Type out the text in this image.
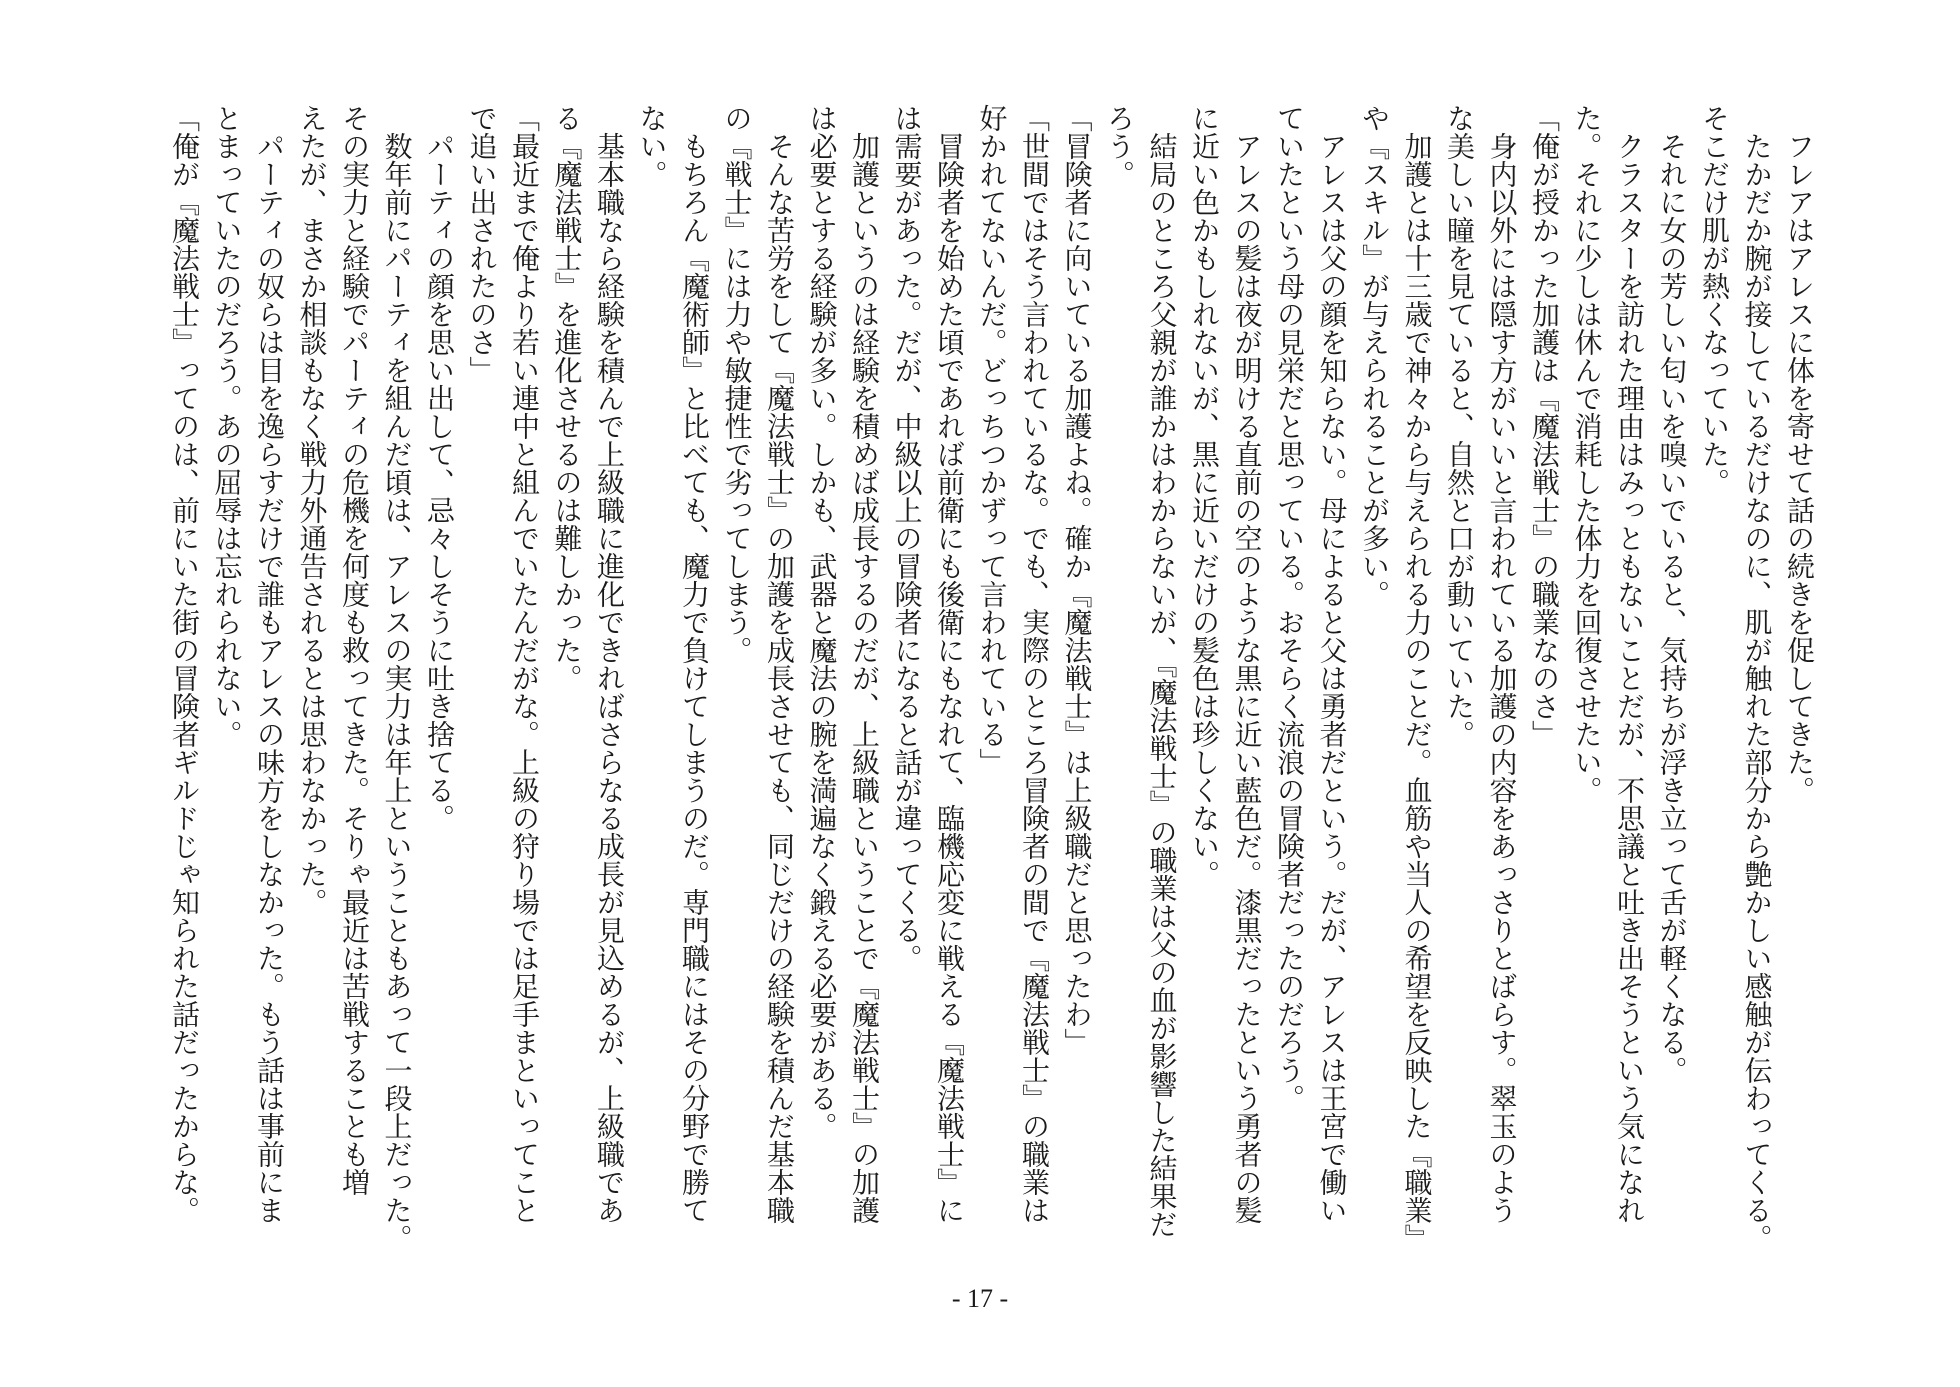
　フレアはアレスに体を寄せて話の続きを促してきた。
　たかだか腕が接しているだけなのに、肌が触れた部分から艶かしい感触が伝わってくる。
そこだけ肌が熱くなっていた。
　それに女の芳しい匂いを嗅いでいると、気持ちが浮き立って舌が軽くなる。
　クラスターを訪れた理由はみっともないことだが、不思議と吐き出そうという気になれ
た。それに少しは休んで消耗した体力を回復させたい。
「俺が授かった加護は『魔法戦士』の職業なのさ」
　身内以外には隠す方がいいと言われている加護の内容をあっさりとばらす。翠玉のよう
な美しい瞳を見ていると、自然と口が動いていた。
　加護とは十三歳で神々から与えられる力のことだ。血筋や当人の希望を反映した『職業』
や『スキル』が与えられることが多い。
　アレスは父の顔を知らない。母によると父は勇者だという。だが、アレスは王宮で働い
ていたという母の見栄だと思っている。おそらく流浪の冒険者だったのだろう。
　アレスの髪は夜が明ける直前の空のような黒に近い藍色だ。漆黒だったという勇者の髪
に近い色かもしれないが、黒に近いだけの髪色は珍しくない。
　結局のところ父親が誰かはわからないが、『魔法戦士』の職業は父の血が影響した結果だ
ろう。
「冒険者に向いている加護よね。確か『魔法戦士』は上級職だと思ったわ」
「世間ではそう言われているな。でも、実際のところ冒険者の間で『魔法戦士』の職業は
好かれてないんだ。どっちつかずって言われている」
　冒険者を始めた頃であれば前衛にも後衛にもなれて、臨機応変に戦える『魔法戦士』に
は需要があった。だが、中級以上の冒険者になると話が違ってくる。
　加護というのは経験を積めば成長するのだが、上級職ということで『魔法戦士』の加護
は必要とする経験が多い。しかも、武器と魔法の腕を満遍なく鍛える必要がある。
　そんな苦労をして『魔法戦士』の加護を成長させても、同じだけの経験を積んだ基本職
の『戦士』には力や敏捷性で劣ってしまう。
　もちろん『魔術師』と比べても、魔力で負けてしまうのだ。専門職にはその分野で勝て
ない。
　基本職なら経験を積んで上級職に進化できればさらなる成長が見込めるが、上級職であ
る『魔法戦士』を進化させるのは難しかった。
「最近まで俺より若い連中と組んでいたんだがな。上級の狩り場では足手まといってこと
で追い出されたのさ」
　パーティの顔を思い出して、忌々しそうに吐き捨てる。
　数年前にパーティを組んだ頃は、アレスの実力は年上ということもあって一段上だった。
その実力と経験でパーティの危機を何度も救ってきた。そりゃ最近は苦戦することも増
えたが、まさか相談もなく戦力外通告されるとは思わなかった。
　パーティの奴らは目を逸らすだけで誰もアレスの味方をしなかった。もう話は事前にま
とまっていたのだろう。あの屈辱は忘れられない。
「俺が『魔法戦士』ってのは、前にいた街の冒険者ギルドじゃ知られた話だったからな。
- 17 -
